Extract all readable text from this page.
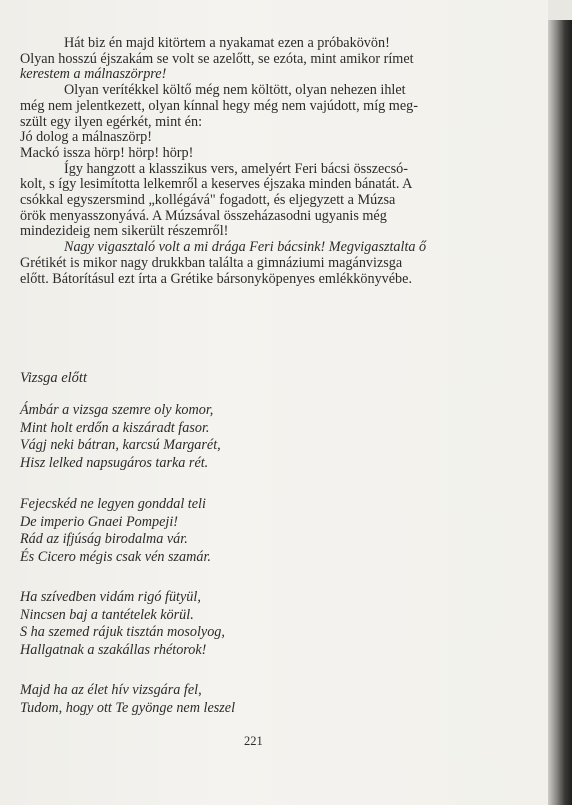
Hát biz én majd kitörtem a nyakamat ezen a próbakövön!
Olyan hosszú éjszakám se volt se azelőtt, se ezóta, mint amikor rímet
kerestem a málnaszörpre!

Olyan verítékkel költő még nem költött, olyan nehezen ihlet
még nem jelentkezett, olyan kínnal hegy még nem vajúdott, míg meg-
szült egy ilyen egérkét, mint én:
Jó dolog a málnaszörp!
Mackó issza hörp! hörp! hörp!

Így hangzott a klasszikus vers, amelyért Feri bácsi összecsó-
kolt, s így lesimította lelkemről a keserves éjszaka minden bánatát. A
csókkal egyszersmind „kollégává" fogadott, és eljegyzett a Múzsa
örök menyasszonyává. A Múzsával összeházasodni ugyanis még
mindezideig nem sikerült részemről!

Nagy vigasztaló volt a mi drága Feri bácsink! Megvigasztalta ő
Grétikét is mikor nagy drukkban találta a gimnáziumi magánvizsga
előtt. Bátorításul ezt írta a Grétike bársonyköpenyes emlékkönyvébe.

Vizsga előtt
Ámbár a vizsga szemre oly komor,
Mint holt erdőn a kiszáradt fasor.
Vágj neki bátran, karcsú Margarét,
Hisz lelked napsugáros tarka rét.
Fejecskéd ne legyen gonddal teli
De imperio Gnaei Pompeji!
Rád az ifjúság birodalma vár.
És Cicero mégis csak vén szamár.
Ha szívedben vidám rigó fütyül,
Nincsen baj a tantételek körül.
S ha szemed rájuk tisztán mosolyog,
Hallgatnak a szakállas rhétorok!
Majd ha az élet hív vizsgára fel,
Tudom, hogy ott Te gyönge nem leszel
221
